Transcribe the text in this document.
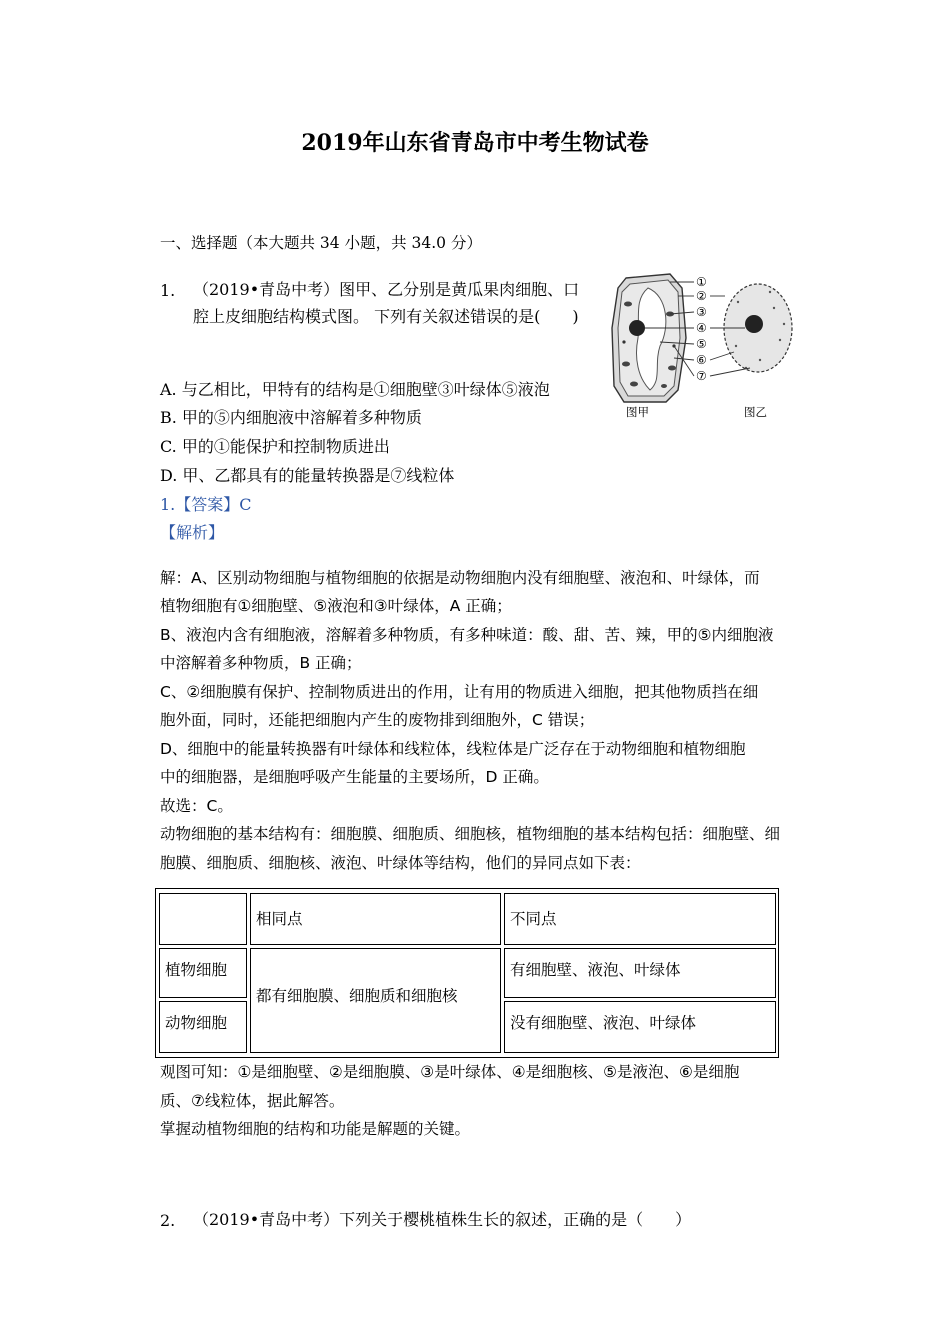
2019年山东省青岛市中考生物试卷
一、选择题（本大题共 34 小题，共 34.0 分）
1. （2019•青岛中考）图甲、乙分别是黄瓜果肉细胞、口
腔上皮细胞结构模式图。 下列有关叙述错误的是(　　)
①
②
③
④
⑤
⑥
⑦
图甲	图乙
A. 与乙相比，甲特有的结构是①细胞壁③叶绿体⑤液泡
B. 甲的⑤内细胞液中溶解着多种物质
C. 甲的①能保护和控制物质进出
D. 甲、乙都具有的能量转换器是⑦线粒体
1.【答案】C
【解析】
解：A、区别动物细胞与植物细胞的依据是动物细胞内没有细胞壁、液泡和、叶绿体，而
植物细胞有①细胞壁、⑤液泡和③叶绿体，A 正确；
B、液泡内含有细胞液，溶解着多种物质，有多种味道：酸、甜、苦、辣，甲的⑤内细胞液
中溶解着多种物质，B 正确；
C、②细胞膜有保护、控制物质进出的作用，让有用的物质进入细胞，把其他物质挡在细
胞外面，同时，还能把细胞内产生的废物排到细胞外，C 错误；
D、细胞中的能量转换器有叶绿体和线粒体，线粒体是广泛存在于动物细胞和植物细胞
中的细胞器，是细胞呼吸产生能量的主要场所，D 正确。
故选：C。
动物细胞的基本结构有：细胞膜、细胞质、细胞核，植物细胞的基本结构包括：细胞壁、细
胞膜、细胞质、细胞核、液泡、叶绿体等结构，他们的异同点如下表：
相同点	不同点
植物细胞
动物细胞
都有细胞膜、细胞质和细胞核
有细胞壁、液泡、叶绿体
没有细胞壁、液泡、叶绿体
观图可知：①是细胞壁、②是细胞膜、③是叶绿体、④是细胞核、⑤是液泡、⑥是细胞
质、⑦线粒体，据此解答。
掌握动植物细胞的结构和功能是解题的关键。
2. （2019•青岛中考）下列关于樱桃植株生长的叙述，正确的是（　　）
